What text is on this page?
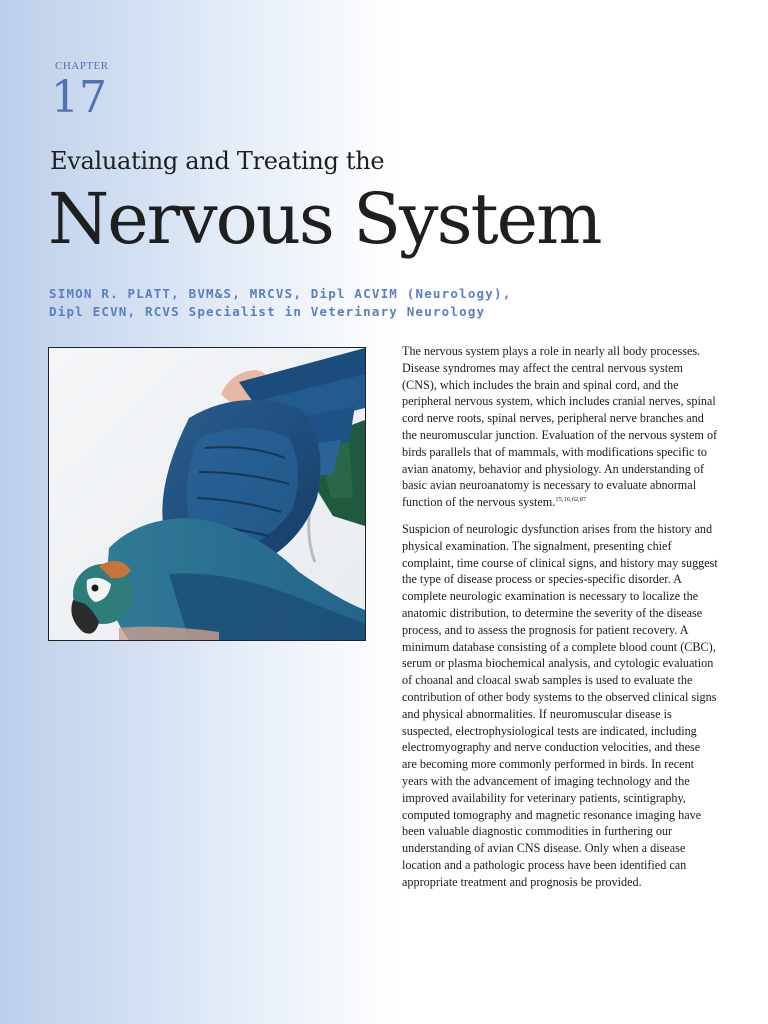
CHAPTER
17
Evaluating and Treating the
Nervous System
SIMON R. PLATT, BVM&S, MRCVS, Dipl ACVIM (Neurology),
Dipl ECVN, RCVS Specialist in Veterinary Neurology

The nervous system plays a role in nearly all body processes. Disease syndromes may affect the central nervous system (CNS), which includes the brain and spinal cord, and the peripheral nervous system, which includes cranial nerves, spinal cord nerve roots, spinal nerves, peripheral nerve branches and the neuromuscular junction. Evaluation of the nervous system of birds parallels that of mammals, with modifications specific to avian anatomy, behavior and physiology. An understanding of basic avian neuroanatomy is necessary to evaluate abnormal function of the nervous system.$^{15,16,62,87}$

Suspicion of neurologic dysfunction arises from the history and physical examination. The signalment, presenting chief complaint, time course of clinical signs, and history may suggest the type of disease process or species-specific disorder. A complete neurologic examination is necessary to localize the anatomic distribution, to determine the severity of the disease process, and to assess the prognosis for patient recovery. A minimum database consisting of a complete blood count (CBC), serum or plasma biochemical analysis, and cytologic evaluation of choanal and cloacal swab samples is used to evaluate the contribution of other body systems to the observed clinical signs and physical abnormalities. If neuromuscular disease is suspected, electrophysiological tests are indicated, including electromyography and nerve conduction velocities, and these are becoming more commonly performed in birds. In recent years with the advancement of imaging technology and the improved availability for veterinary patients, scintigraphy, computed tomography and magnetic resonance imaging have been valuable diagnostic commodities in furthering our understanding of avian CNS disease. Only when a disease location and a pathologic process have been identified can appropriate treatment and prognosis be provided.
